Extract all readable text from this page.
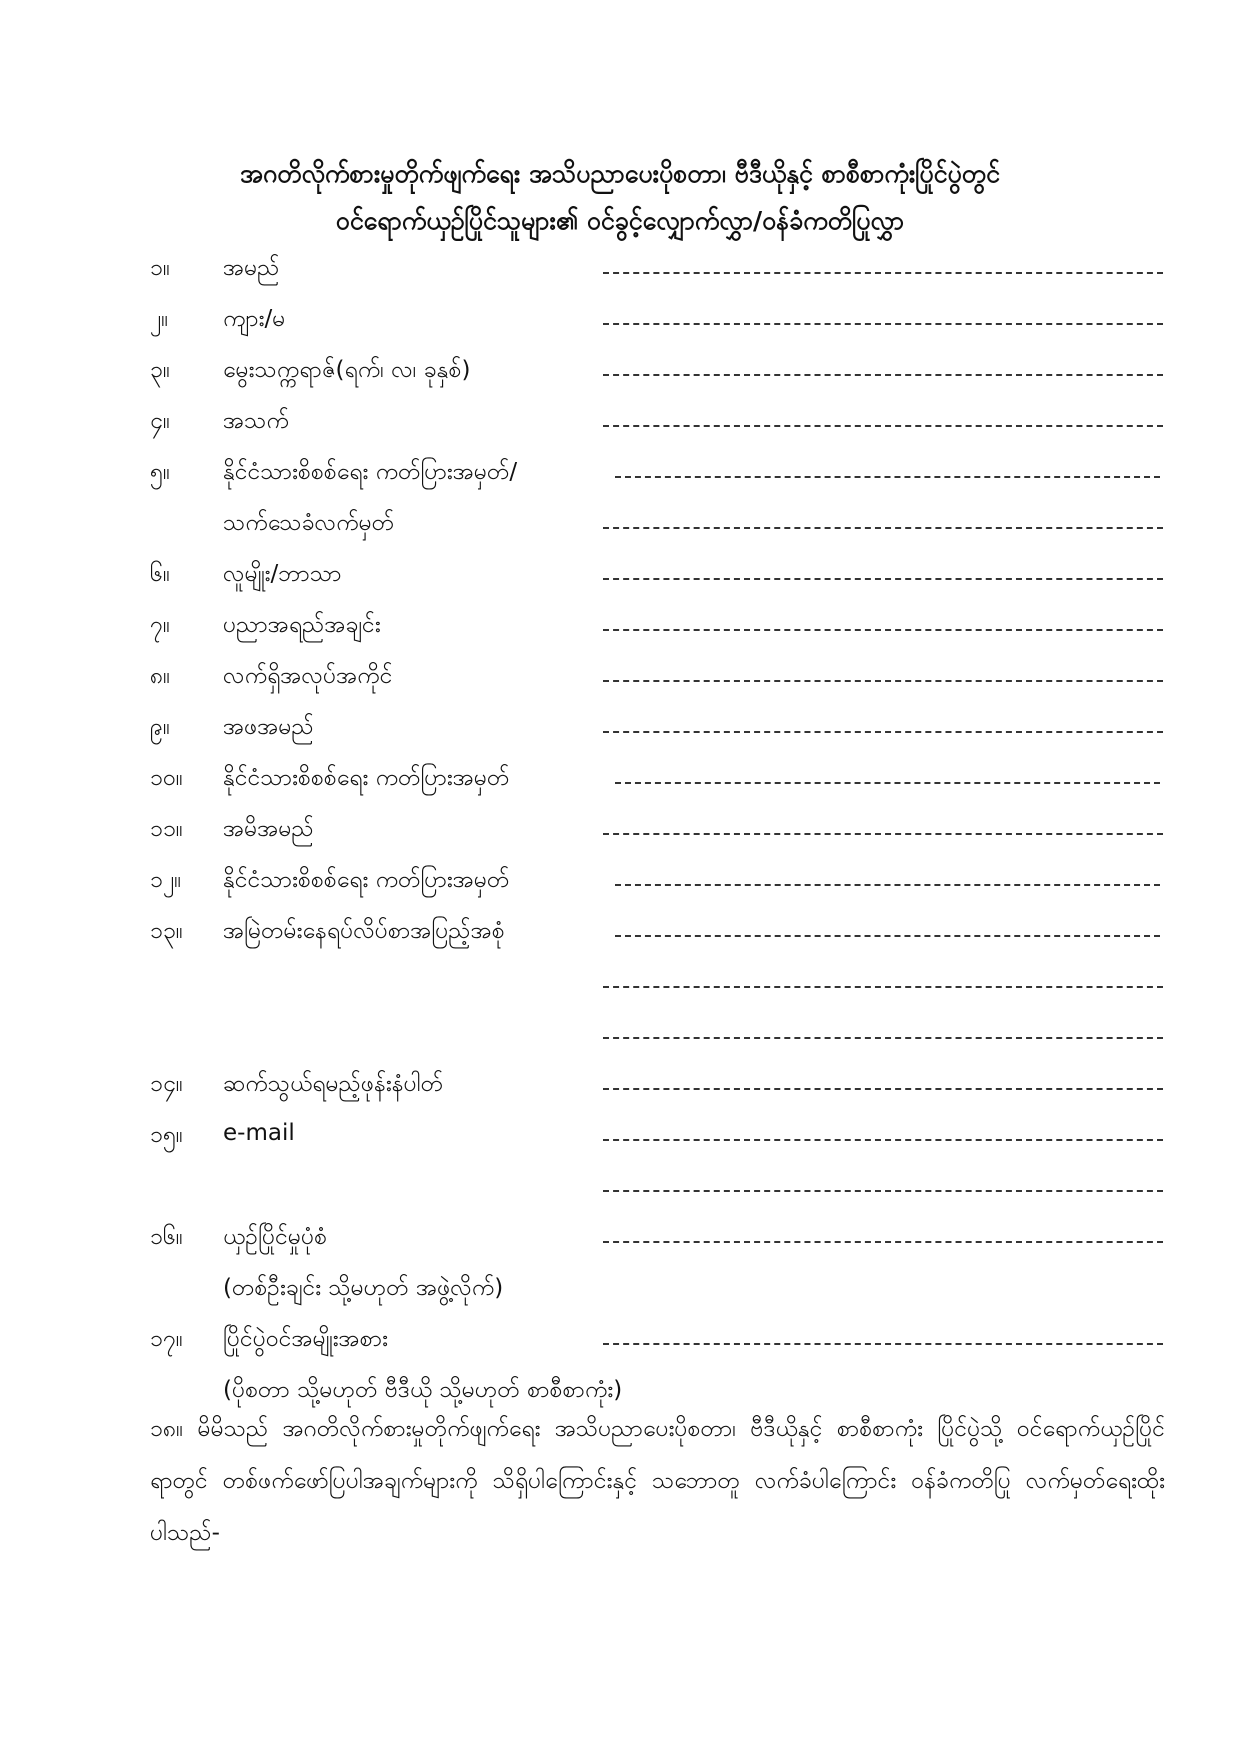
အဂတိလိုက်စားမှုတိုက်ဖျက်ရေး အသိပညာပေးပိုစတာ၊ ဗီဒီယိုနှင့် စာစီစာကုံးပြိုင်ပွဲတွင်
ဝင်ရောက်ယှဉ်ပြိုင်သူများ၏ ဝင်ခွင့်လျှောက်လွှာ/ဝန်ခံကတိပြုလွှာ
၁။ အမည်
၂။ ကျား/မ
၃။ မွေးသက္ကရာဇ်(ရက်၊ လ၊ ခုနှစ်)
၄။ အသက်
၅။ နိုင်ငံသားစိစစ်ရေး ကတ်ပြားအမှတ်/
သက်သေခံလက်မှတ်
၆။ လူမျိုး/ဘာသာ
၇။ ပညာအရည်အချင်း
၈။ လက်ရှိအလုပ်အကိုင်
၉။ အဖအမည်
၁၀။ နိုင်ငံသားစိစစ်ရေး ကတ်ပြားအမှတ်
၁၁။ အမိအမည်
၁၂။ နိုင်ငံသားစိစစ်ရေး ကတ်ပြားအမှတ်
၁၃။ အမြဲတမ်းနေရပ်လိပ်စာအပြည့်အစုံ
၁၄။ ဆက်သွယ်ရမည့်ဖုန်းနံပါတ်
၁၅။ e-mail
၁၆။ ယှဉ်ပြိုင်မှုပုံစံ
(တစ်ဦးချင်း သို့မဟုတ် အဖွဲ့လိုက်)
၁၇။ ပြိုင်ပွဲဝင်အမျိုးအစား
(ပိုစတာ သို့မဟုတ် ဗီဒီယို သို့မဟုတ် စာစီစာကုံး)
၁၈။ မိမိသည် အဂတိလိုက်စားမှုတိုက်ဖျက်ရေး အသိပညာပေးပိုစတာ၊ ဗီဒီယိုနှင့် စာစီစာကုံး ပြိုင်ပွဲသို့ ဝင်ရောက်ယှဉ်ပြိုင်ရာတွင် တစ်ဖက်ဖော်ပြပါအချက်များကို သိရှိပါကြောင်းနှင့် သဘောတူ လက်ခံပါကြောင်း ဝန်ခံကတိပြု လက်မှတ်ရေးထိုးပါသည်-
